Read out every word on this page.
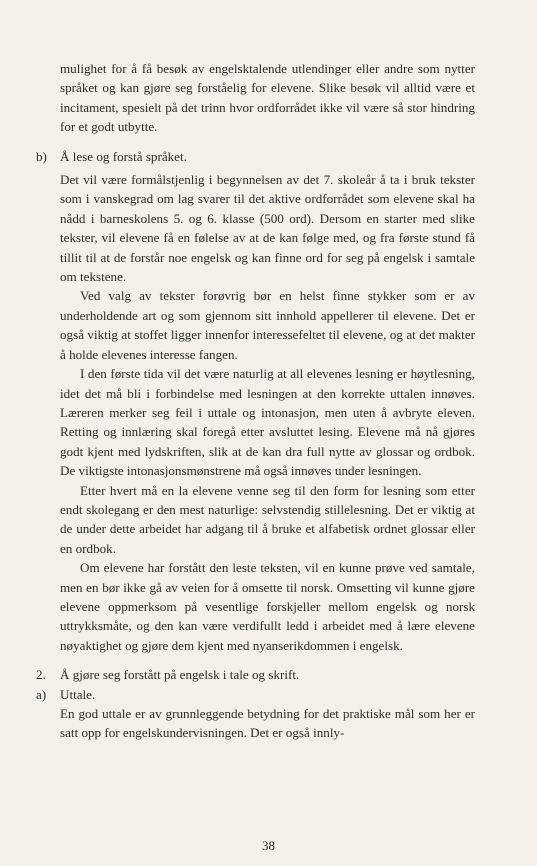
mulighet for å få besøk av engelsktalende utlendinger eller andre som nytter språket og kan gjøre seg forståelig for elevene. Slike besøk vil alltid være et incitament, spesielt på det trinn hvor ordforrådet ikke vil være så stor hindring for et godt utbytte.

b) Å lese og forstå språket.

Det vil være formålstjenlig i begynnelsen av det 7. skoleår å ta i bruk tekster som i vanskegrad om lag svarer til det aktive ordforrådet som elevene skal ha nådd i barneskolens 5. og 6. klasse (500 ord). Dersom en starter med slike tekster, vil elevene få en følelse av at de kan følge med, og fra første stund få tillit til at de forstår noe engelsk og kan finne ord for seg på engelsk i samtale om tekstene.

Ved valg av tekster forøvrig bør en helst finne stykker som er av underholdende art og som gjennom sitt innhold appellerer til elevene. Det er også viktig at stoffet ligger innenfor interessefeltet til elevene, og at det makter å holde elevenes interesse fangen.

I den første tida vil det være naturlig at all elevenes lesning er høytlesning, idet det må bli i forbindelse med lesningen at den korrekte uttalen innøves. Læreren merker seg feil i uttale og intonasjon, men uten å avbryte eleven. Retting og innlæring skal foregå etter avsluttet lesing. Elevene må nå gjøres godt kjent med lydskriften, slik at de kan dra full nytte av glossar og ordbok. De viktigste intonasjonsmønstrene må også innøves under lesningen.

Etter hvert må en la elevene venne seg til den form for lesning som etter endt skolegang er den mest naturlige: selvstendig stillelesning. Det er viktig at de under dette arbeidet har adgang til å bruke et alfabetisk ordnet glossar eller en ordbok.

Om elevene har forstått den leste teksten, vil en kunne prøve ved samtale, men en bør ikke gå av veien for å omsette til norsk. Omsetting vil kunne gjøre elevene oppmerksom på vesentlige forskjeller mellom engelsk og norsk uttrykksmåte, og den kan være verdifullt ledd i arbeidet med å lære elevene nøyaktighet og gjøre dem kjent med nyanserikdommen i engelsk.

2. Å gjøre seg forstått på engelsk i tale og skrift.

a) Uttale.

En god uttale er av grunnleggende betydning for det praktiske mål som her er satt opp for engelskundervisningen. Det er også innly-

38
